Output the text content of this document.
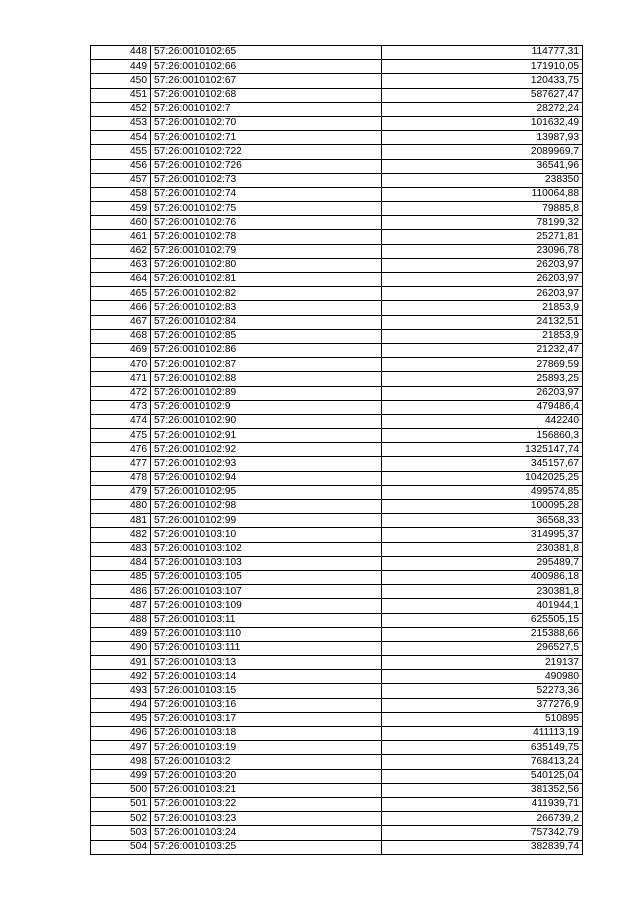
448	57:26:0010102:65	114777,31
449	57:26:0010102:66	171910,05
450	57:26:0010102:67	120433,75
451	57:26:0010102:68	587627,47
452	57:26:0010102:7	28272,24
453	57:26:0010102:70	101632,49
454	57:26:0010102:71	13987,93
455	57:26:0010102:722	2089969,7
456	57:26:0010102:726	36541,96
457	57:26:0010102:73	238350
458	57:26:0010102:74	110064,88
459	57:26:0010102:75	79885,8
460	57:26:0010102:76	78199,32
461	57:26:0010102:78	25271,81
462	57:26:0010102:79	23096,78
463	57:26:0010102:80	26203,97
464	57:26:0010102:81	26203,97
465	57:26:0010102:82	26203,97
466	57:26:0010102:83	21853,9
467	57:26:0010102:84	24132,51
468	57:26:0010102:85	21853,9
469	57:26:0010102:86	21232,47
470	57:26:0010102:87	27869,59
471	57:26:0010102:88	25893,25
472	57:26:0010102:89	26203,97
473	57:26:0010102:9	479486,4
474	57:26:0010102:90	442240
475	57:26:0010102:91	156860,3
476	57:26:0010102:92	1325147,74
477	57:26:0010102:93	345157,67
478	57:26:0010102:94	1042025,25
479	57:26:0010102:95	499574,85
480	57:26:0010102:98	100095,28
481	57:26:0010102:99	36568,33
482	57:26:0010103:10	314995,37
483	57:26:0010103:102	230381,8
484	57:26:0010103:103	295489,7
485	57:26:0010103:105	400986,18
486	57:26:0010103:107	230381,8
487	57:26:0010103:109	401944,1
488	57:26:0010103:11	625505,15
489	57:26:0010103:110	215388,66
490	57:26:0010103:111	296527,5
491	57:26:0010103:13	219137
492	57:26:0010103:14	490980
493	57:26:0010103:15	52273,36
494	57:26:0010103:16	377276,9
495	57:26:0010103:17	510895
496	57:26:0010103:18	411113,19
497	57:26:0010103:19	635149,75
498	57:26:0010103:2	768413,24
499	57:26:0010103:20	540125,04
500	57:26:0010103:21	381352,56
501	57:26:0010103:22	411939,71
502	57:26:0010103:23	266739,2
503	57:26:0010103:24	757342,79
504	57:26:0010103:25	382839,74
